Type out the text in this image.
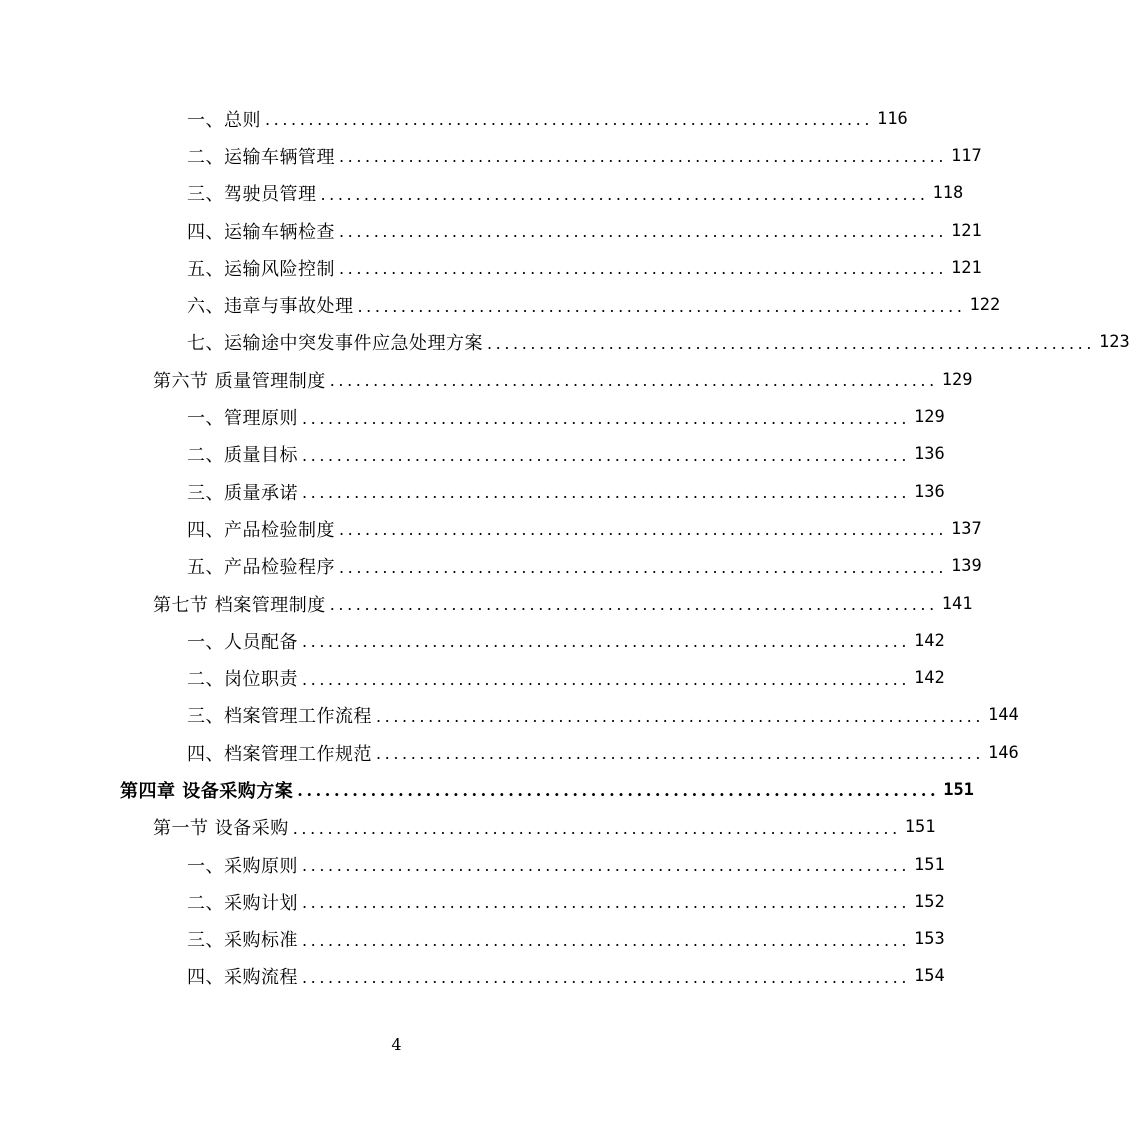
一、总则 ...................................................................... 116
二、运输车辆管理 ...................................................................... 117
三、驾驶员管理 ...................................................................... 118
四、运输车辆检查 ...................................................................... 121
五、运输风险控制 ...................................................................... 121
六、违章与事故处理 ...................................................................... 122
七、运输途中突发事件应急处理方案 ...................................................................... 123
第六节 质量管理制度 ...................................................................... 129
一、管理原则 ...................................................................... 129
二、质量目标 ...................................................................... 136
三、质量承诺 ...................................................................... 136
四、产品检验制度 ...................................................................... 137
五、产品检验程序 ...................................................................... 139
第七节 档案管理制度 ...................................................................... 141
一、人员配备 ...................................................................... 142
二、岗位职责 ...................................................................... 142
三、档案管理工作流程 ...................................................................... 144
四、档案管理工作规范 ...................................................................... 146
第四章 设备采购方案 ...................................................................... 151
第一节 设备采购 ...................................................................... 151
一、采购原则 ...................................................................... 151
二、采购计划 ...................................................................... 152
三、采购标准 ...................................................................... 153
四、采购流程 ...................................................................... 154
4
